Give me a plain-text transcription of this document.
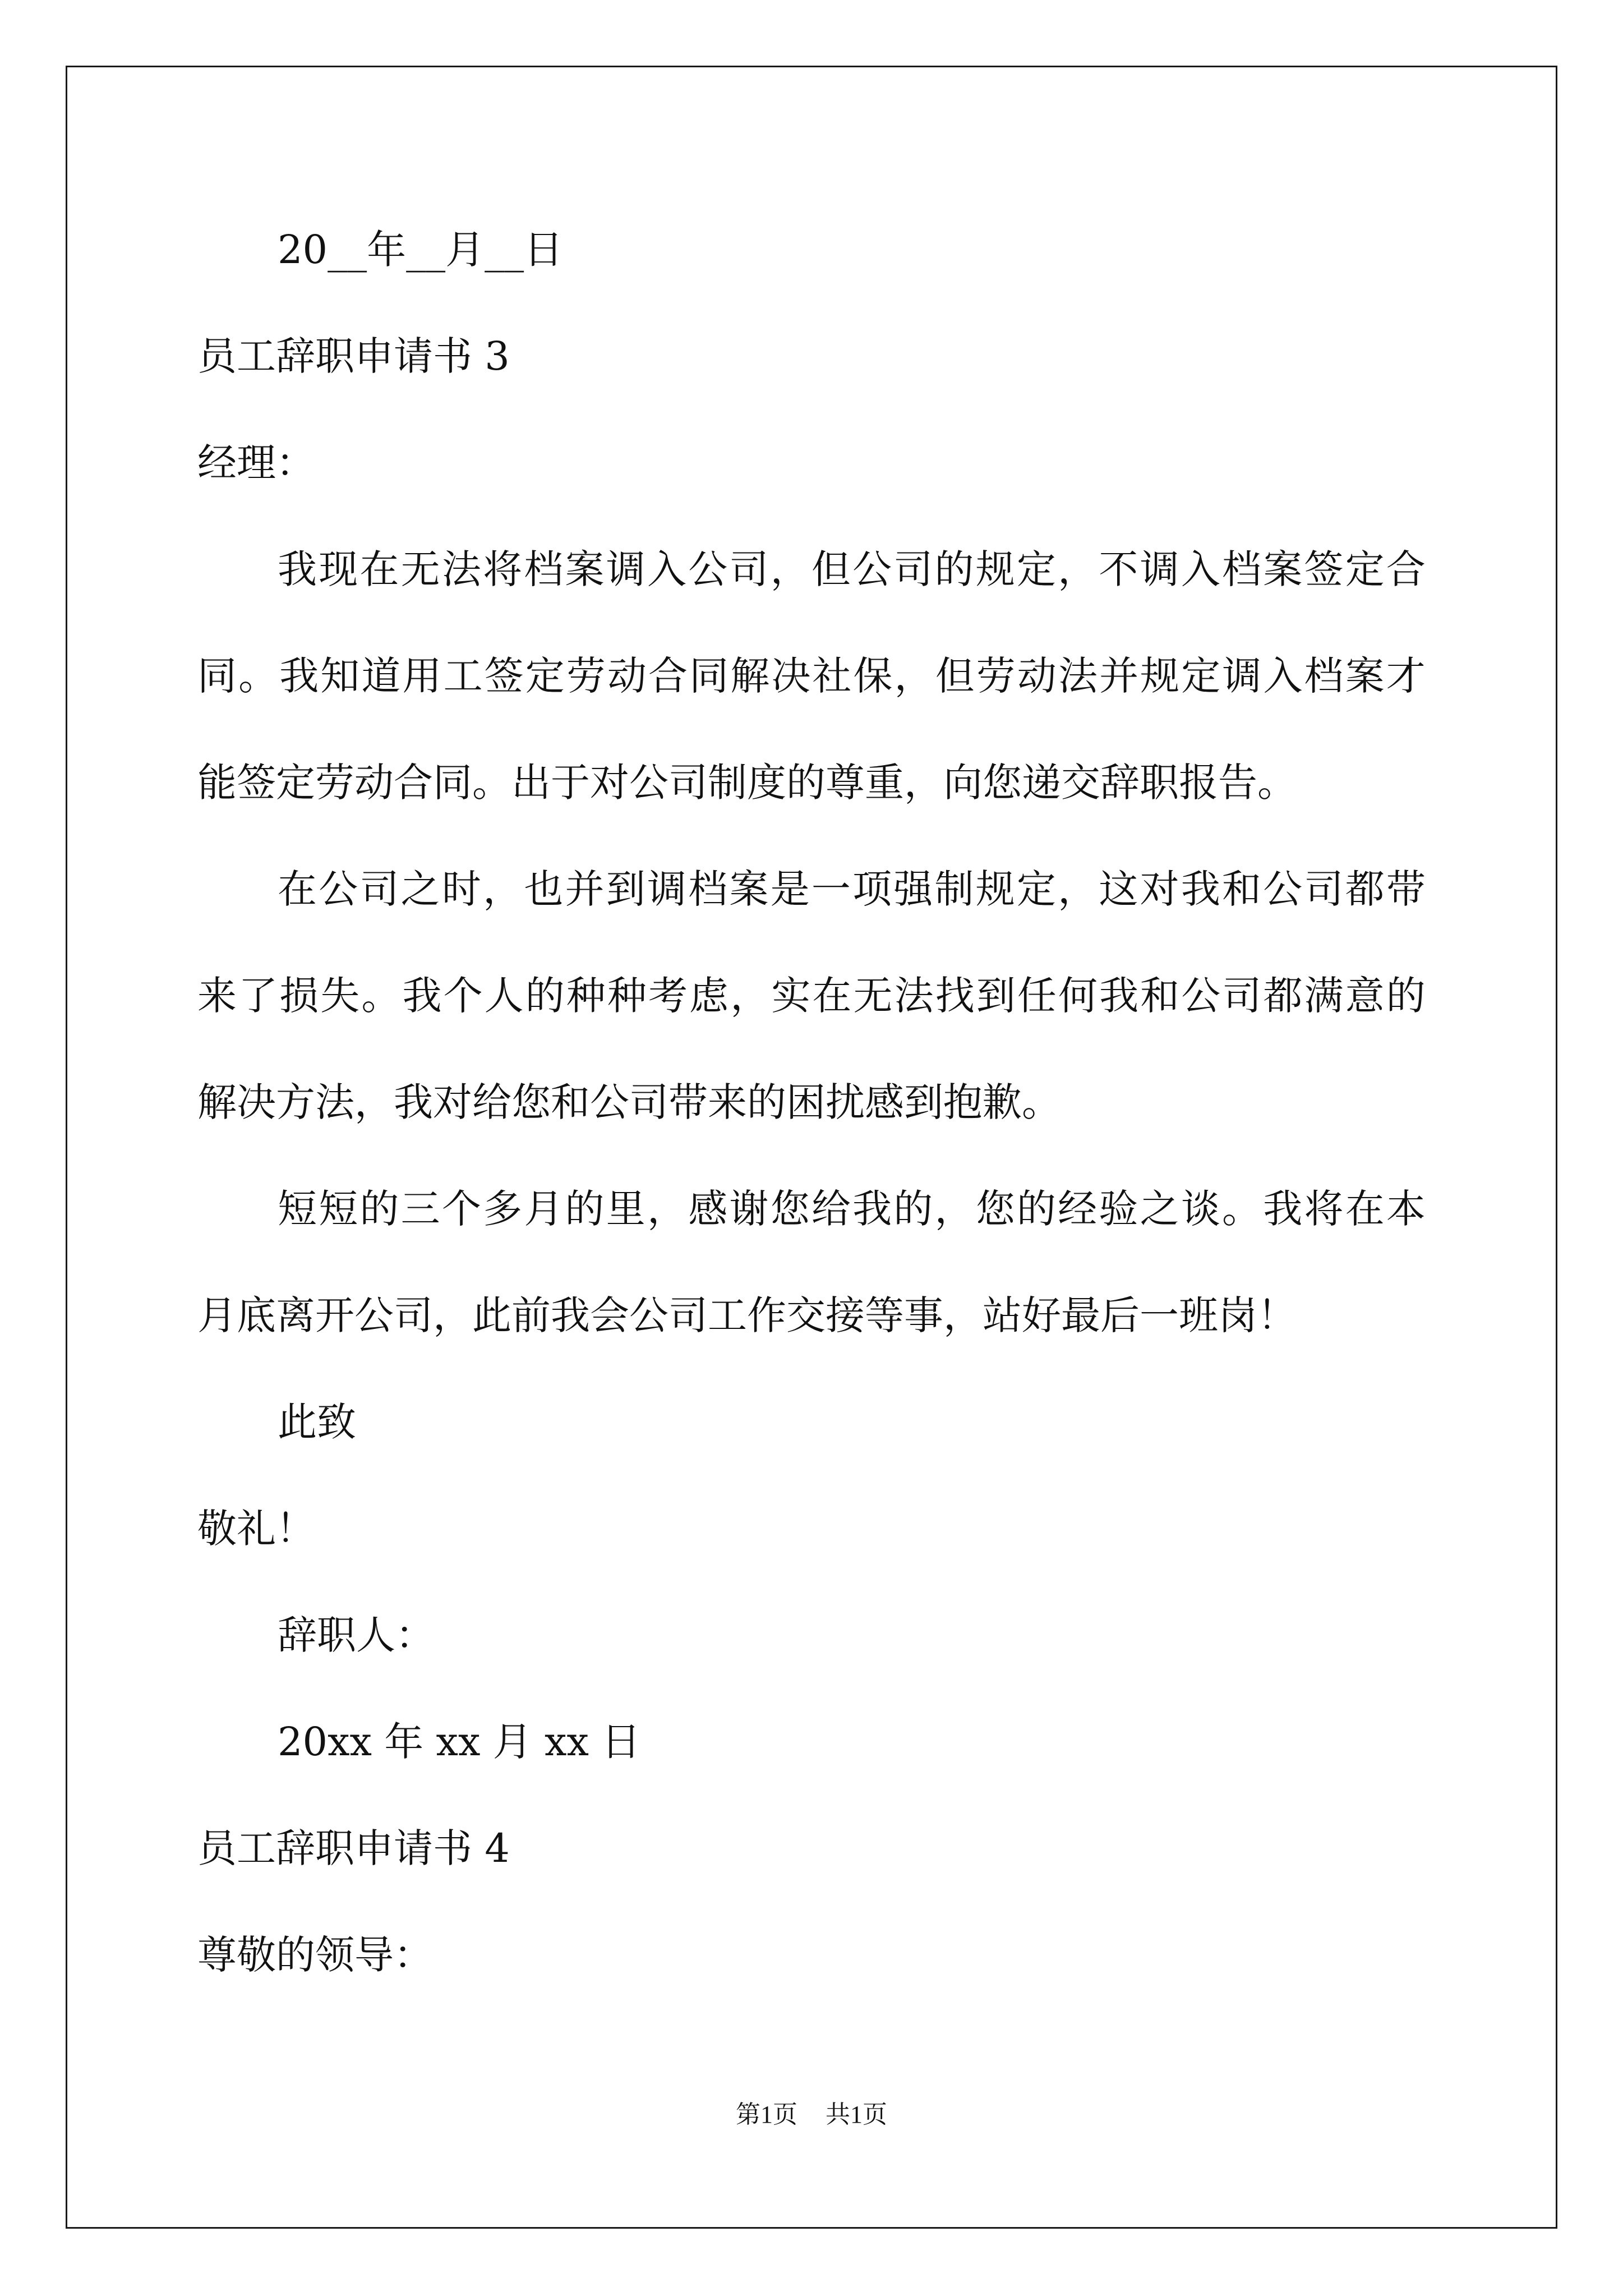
20__年__月__日
员工辞职申请书 3
经理：
我 现 在 无 法 将 档 案 调 入 公 司 ， 但 公 司 的 规 定 ， 不 调 入 档 案 签 定 合
同 。 我 知 道 用 工 签 定 劳 动 合 同 解 决 社 保 ， 但 劳 动 法 并 规 定 调 入 档 案 才
能签定劳动合同。出于对公司制度的尊重，向您递交辞职报告。
在 公 司 之 时 ， 也 并 到 调 档 案 是 一 项 强 制 规 定 ， 这 对 我 和 公 司 都 带
来 了 损 失 。 我 个 人 的 种 种 考 虑 ， 实 在 无 法 找 到 任 何 我 和 公 司 都 满 意 的
解决方法，我对给您和公司带来的困扰感到抱歉。
短 短 的 三 个 多 月 的 里 ， 感 谢 您 给 我 的 ， 您 的 经 验 之 谈 。 我 将 在 本
月底离开公司，此前我会公司工作交接等事，站好最后一班岗！
此致
敬礼！
辞职人：
20xx 年 xx 月 xx 日
员工辞职申请书 4
尊敬的领导：
第1页 共1页
